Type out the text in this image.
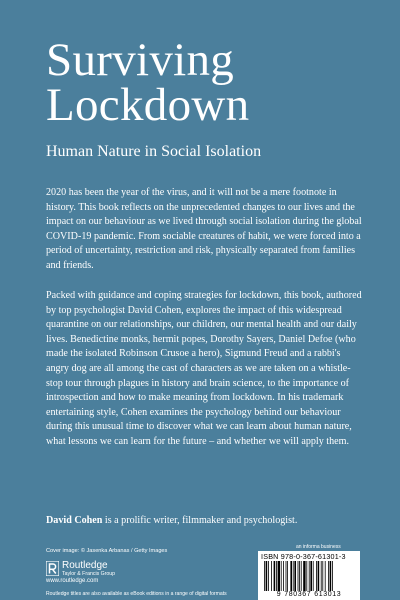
Surviving
Lockdown
Human Nature in Social Isolation

2020 has been the year of the virus, and it will not be a mere footnote in history. This book reflects on the unprecedented changes to our lives and the impact on our behaviour as we lived through social isolation during the global COVID-19 pandemic. From sociable creatures of habit, we were forced into a period of uncertainty, restriction and risk, physically separated from families and friends.

Packed with guidance and coping strategies for lockdown, this book, authored by top psychologist David Cohen, explores the impact of this widespread quarantine on our relationships, our children, our mental health and our daily lives. Benedictine monks, hermit popes, Dorothy Sayers, Daniel Defoe (who made the isolated Robinson Crusoe a hero), Sigmund Freud and a rabbi's angry dog are all among the cast of characters as we are taken on a whistle-stop tour through plagues in history and brain science, to the importance of introspection and how to make meaning from lockdown. In his trademark entertaining style, Cohen examines the psychology behind our behaviour during this unusual time to discover what we can learn about human nature, what lessons we can learn for the future – and whether we will apply them.

David Cohen is a prolific writer, filmmaker and psychologist.

Cover image: © Jasenka Arbanas / Getty Images
Routledge
Taylor & Francis Group
www.routledge.com
Routledge titles are also available as eBook editions in a range of digital formats
an informa business
ISBN 978-0-367-61301-3
9 780367 613013
